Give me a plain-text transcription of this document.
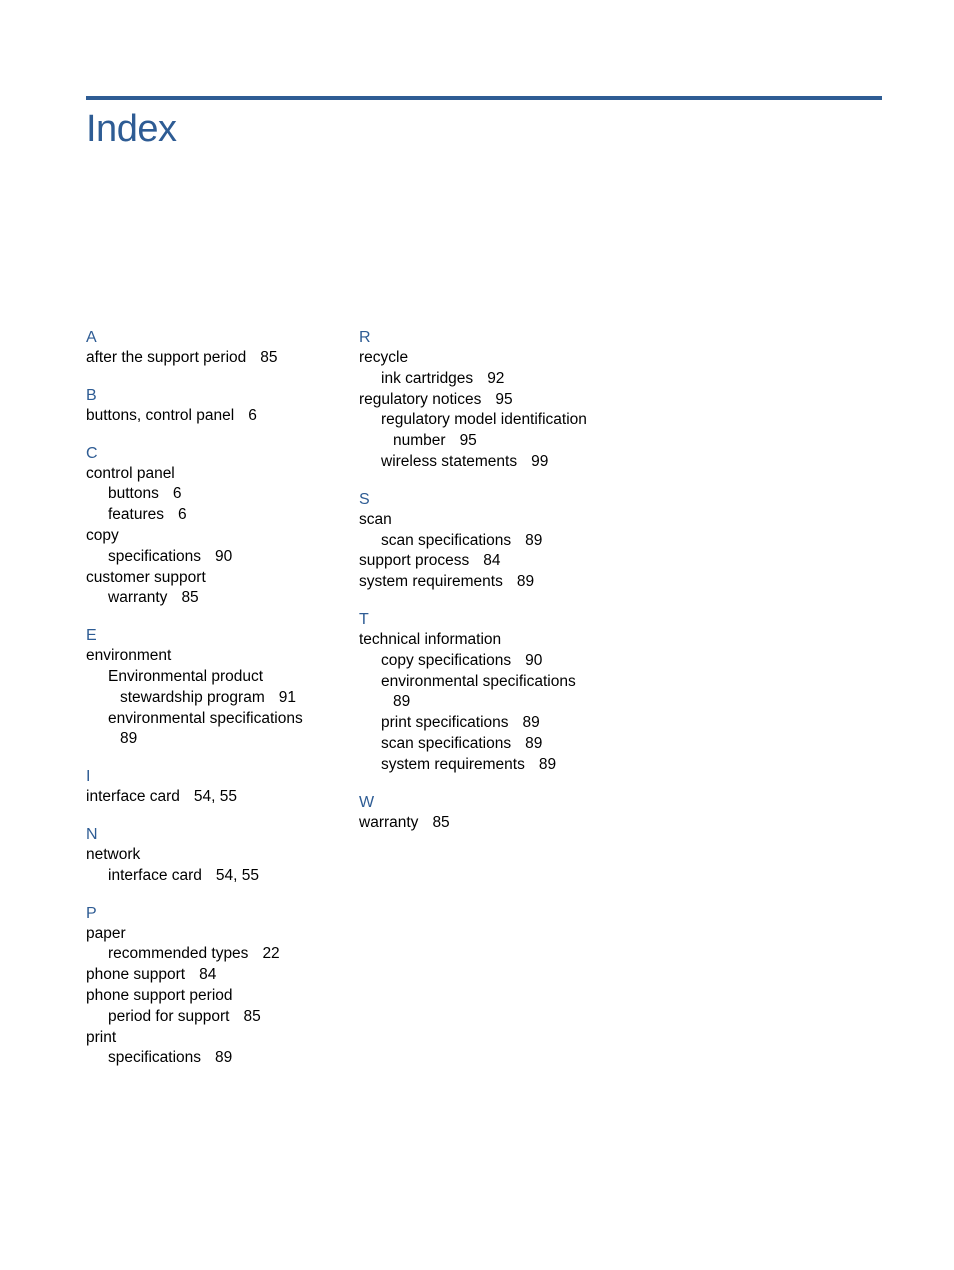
Index
A
after the support period 85
B
buttons, control panel 6
C
control panel
buttons 6
features 6
copy
specifications 90
customer support
warranty 85
E
environment
Environmental product
stewardship program 91
environmental specifications
89
I
interface card 54, 55
N
network
interface card 54, 55
P
paper
recommended types 22
phone support 84
phone support period
period for support 85
print
specifications 89
R
recycle
ink cartridges 92
regulatory notices 95
regulatory model identification
number 95
wireless statements 99
S
scan
scan specifications 89
support process 84
system requirements 89
T
technical information
copy specifications 90
environmental specifications
89
print specifications 89
scan specifications 89
system requirements 89
W
warranty 85
